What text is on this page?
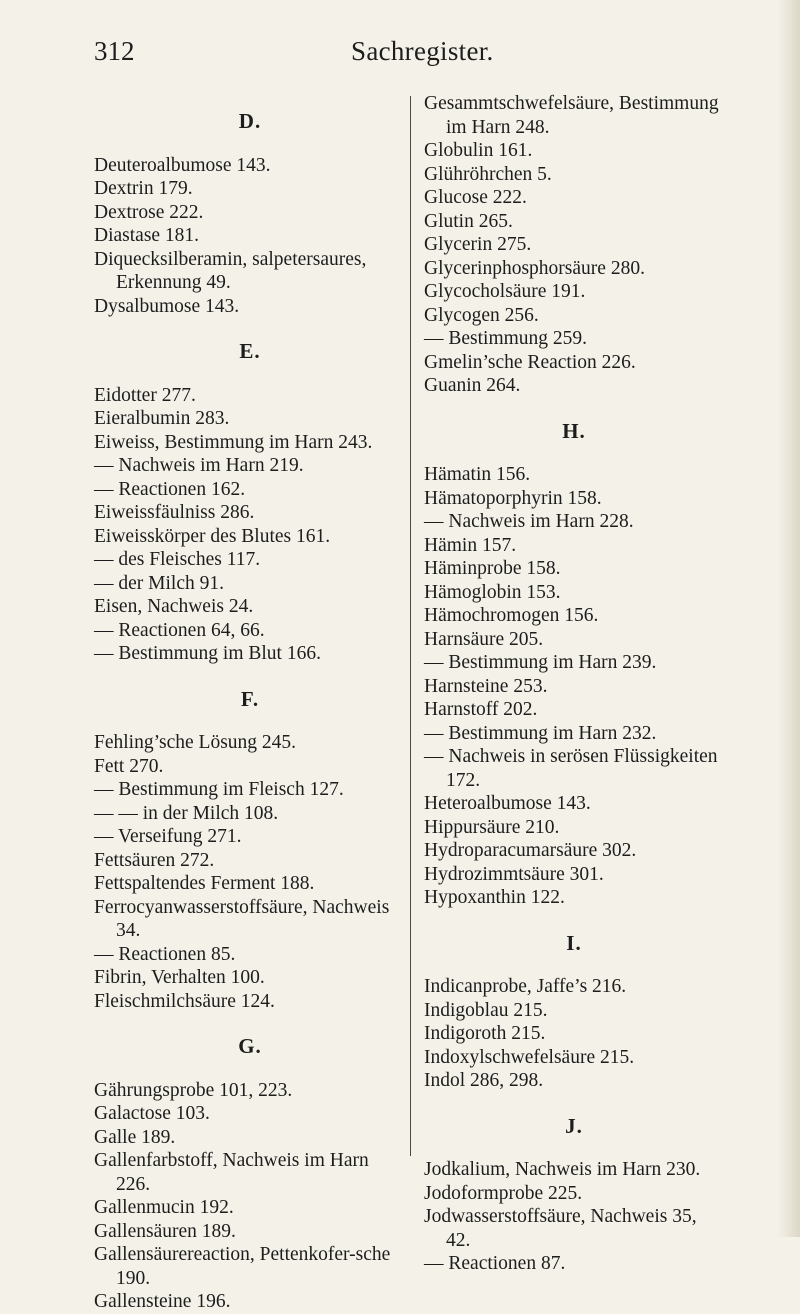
312	Sachregister.
D.
Deuteroalbumose 143.
Dextrin 179.
Dextrose 222.
Diastase 181.
Diquecksilberamin, salpetersaures, Erkennung 49.
Dysalbumose 143.
E.
Eidotter 277.
Eieralbumin 283.
Eiweiss, Bestimmung im Harn 243.
— Nachweis im Harn 219.
— Reactionen 162.
Eiweissfäulniss 286.
Eiweisskörper des Blutes 161.
— des Fleisches 117.
— der Milch 91.
Eisen, Nachweis 24.
— Reactionen 64, 66.
— Bestimmung im Blut 166.
F.
Fehling’sche Lösung 245.
Fett 270.
— Bestimmung im Fleisch 127.
— — in der Milch 108.
— Verseifung 271.
Fettsäuren 272.
Fettspaltendes Ferment 188.
Ferrocyanwasserstoffsäure, Nachweis 34.
— Reactionen 85.
Fibrin, Verhalten 100.
Fleischmilchsäure 124.
G.
Gährungsprobe 101, 223.
Galactose 103.
Galle 189.
Gallenfarbstoff, Nachweis im Harn 226.
Gallenmucin 192.
Gallensäuren 189.
Gallensäurereaction, Pettenkofer-sche 190.
Gallensteine 196.
Gesammtschwefelsäure, Bestimmung im Harn 248.
Globulin 161.
Glühröhrchen 5.
Glucose 222.
Glutin 265.
Glycerin 275.
Glycerinphosphorsäure 280.
Glycocholsäure 191.
Glycogen 256.
— Bestimmung 259.
Gmelin’sche Reaction 226.
Guanin 264.
H.
Hämatin 156.
Hämatoporphyrin 158.
— Nachweis im Harn 228.
Hämin 157.
Häminprobe 158.
Hämoglobin 153.
Hämochromogen 156.
Harnsäure 205.
— Bestimmung im Harn 239.
Harnsteine 253.
Harnstoff 202.
— Bestimmung im Harn 232.
— Nachweis in serösen Flüssigkeiten 172.
Heteroalbumose 143.
Hippursäure 210.
Hydroparacumarsäure 302.
Hydrozimmtsäure 301.
Hypoxanthin 122.
I.
Indicanprobe, Jaffe’s 216.
Indigoblau 215.
Indigoroth 215.
Indoxylschwefelsäure 215.
Indol 286, 298.
J.
Jodkalium, Nachweis im Harn 230.
Jodoformprobe 225.
Jodwasserstoffsäure, Nachweis 35, 42.
— Reactionen 87.
